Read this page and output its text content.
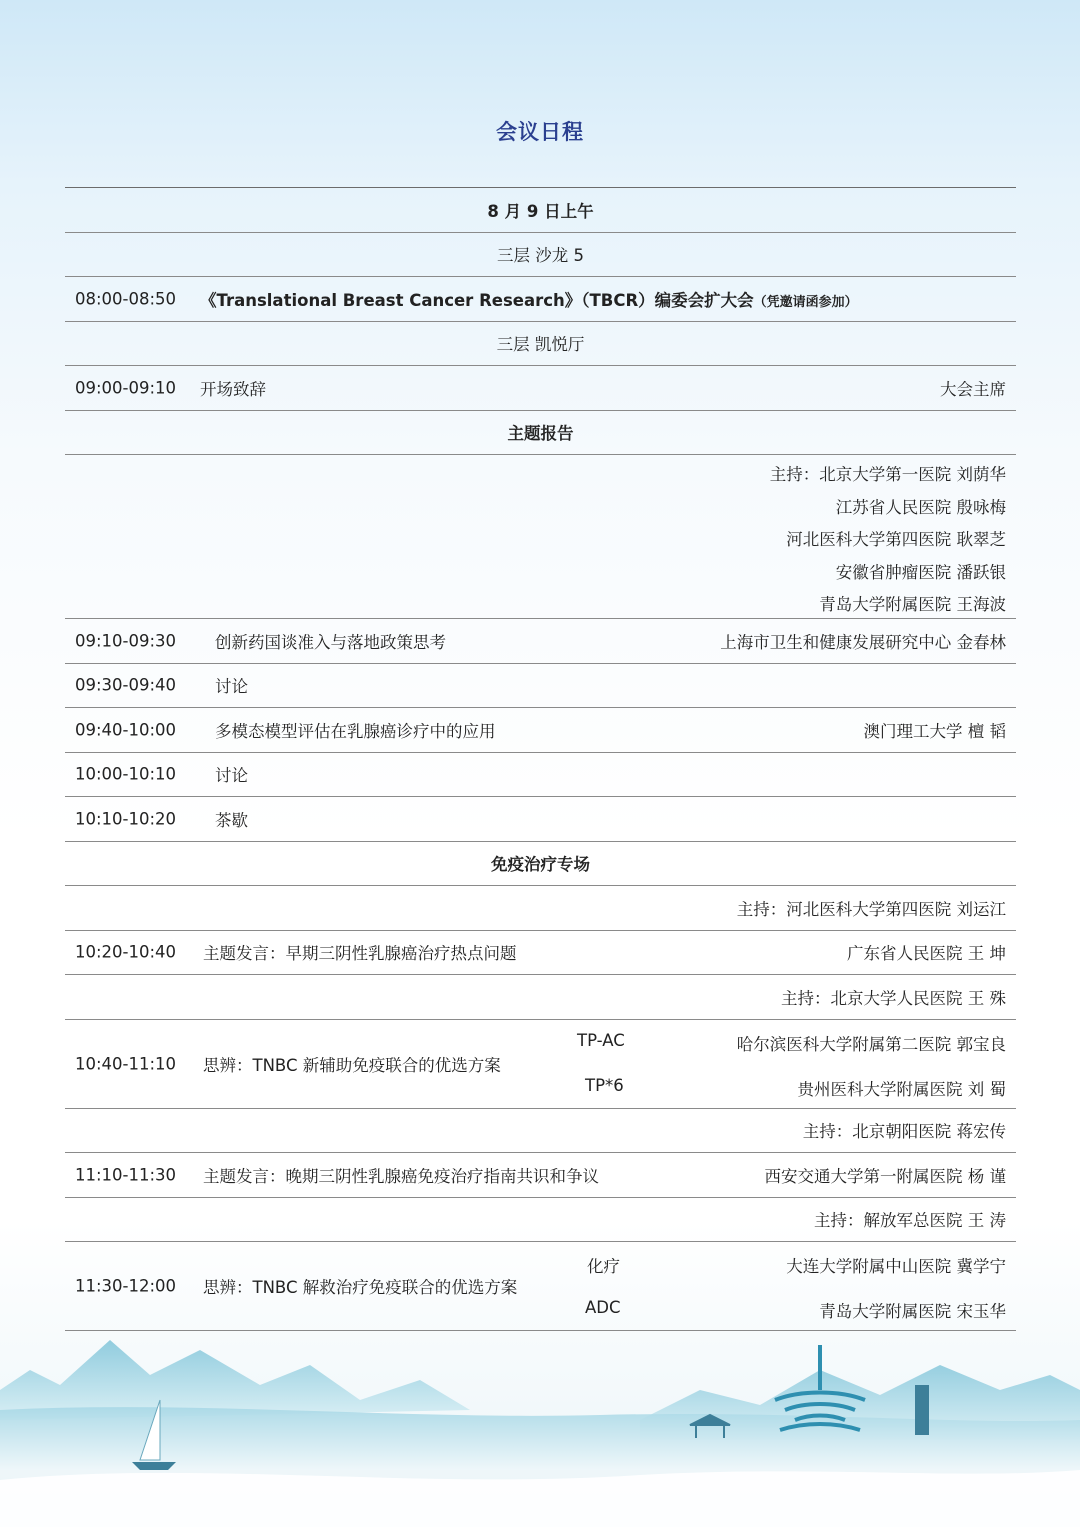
会议日程
8 月 9 日上午
三层 沙龙 5
08:00-08:50 《Translational Breast Cancer Research》（TBCR）编委会扩大会（凭邀请函参加）
三层 凯悦厅
09:00-09:10 开场致辞	大会主席
主题报告
主持：北京大学第一医院 刘荫华
江苏省人民医院 殷咏梅
河北医科大学第四医院 耿翠芝
安徽省肿瘤医院 潘跃银
青岛大学附属医院 王海波
09:10-09:30 创新药国谈准入与落地政策思考	上海市卫生和健康发展研究中心 金春林
09:30-09:40 讨论
09:40-10:00 多模态模型评估在乳腺癌诊疗中的应用	澳门理工大学 檀 韬
10:00-10:10 讨论
10:10-10:20 茶歇
免疫治疗专场
主持：河北医科大学第四医院 刘运江
10:20-10:40 主题发言：早期三阴性乳腺癌治疗热点问题	广东省人民医院 王 坤
主持：北京大学人民医院 王 殊
10:40-11:10 思辨：TNBC 新辅助免疫联合的优选方案
TP-AC	哈尔滨医科大学附属第二医院 郭宝良
TP*6	贵州医科大学附属医院 刘 蜀
主持：北京朝阳医院 蒋宏传
11:10-11:30 主题发言：晚期三阴性乳腺癌免疫治疗指南共识和争议	西安交通大学第一附属医院 杨 谨
主持：解放军总医院 王 涛
11:30-12:00 思辨：TNBC 解救治疗免疫联合的优选方案
化疗	大连大学附属中山医院 冀学宁
ADC	青岛大学附属医院 宋玉华
